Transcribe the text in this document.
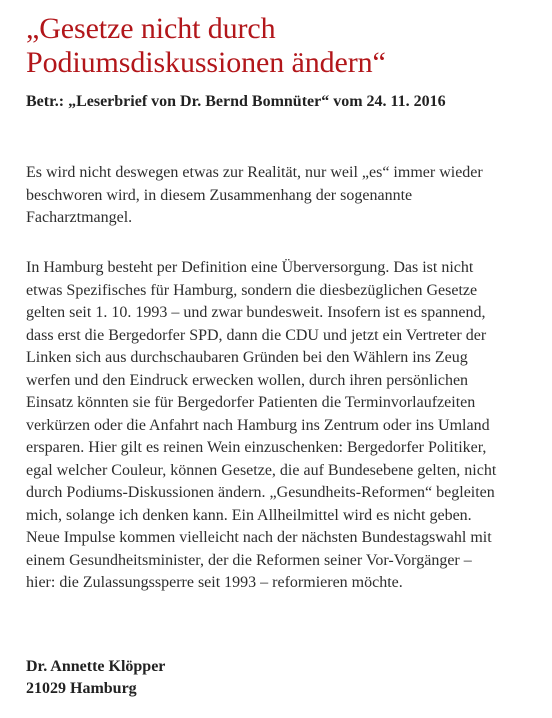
„Gesetze nicht durch
Podiumsdiskussionen ändern“

Betr.: „Leserbrief von Dr. Bernd Bomnüter“ vom 24. 11. 2016

Es wird nicht deswegen etwas zur Realität, nur weil „es“ immer wieder
beschworen wird, in diesem Zusammenhang der sogenannte
Facharztmangel.

In Hamburg besteht per Definition eine Überversorgung. Das ist nicht
etwas Spezifisches für Hamburg, sondern die diesbezüglichen Gesetze
gelten seit 1. 10. 1993 – und zwar bundesweit. Insofern ist es spannend,
dass erst die Bergedorfer SPD, dann die CDU und jetzt ein Vertreter der
Linken sich aus durchschaubaren Gründen bei den Wählern ins Zeug
werfen und den Eindruck erwecken wollen, durch ihren persönlichen
Einsatz könnten sie für Bergedorfer Patienten die Terminvorlaufzeiten
verkürzen oder die Anfahrt nach Hamburg ins Zentrum oder ins Umland
ersparen. Hier gilt es reinen Wein einzuschenken: Bergedorfer Politiker,
egal welcher Couleur, können Gesetze, die auf Bundesebene gelten, nicht
durch Podiums-Diskussionen ändern. „Gesundheits-Reformen“ begleiten
mich, solange ich denken kann. Ein Allheilmittel wird es nicht geben.
Neue Impulse kommen vielleicht nach der nächsten Bundestagswahl mit
einem Gesundheitsminister, der die Reformen seiner Vor-Vorgänger –
hier: die Zulassungssperre seit 1993 – reformieren möchte.

Dr. Annette Klöpper
21029 Hamburg
